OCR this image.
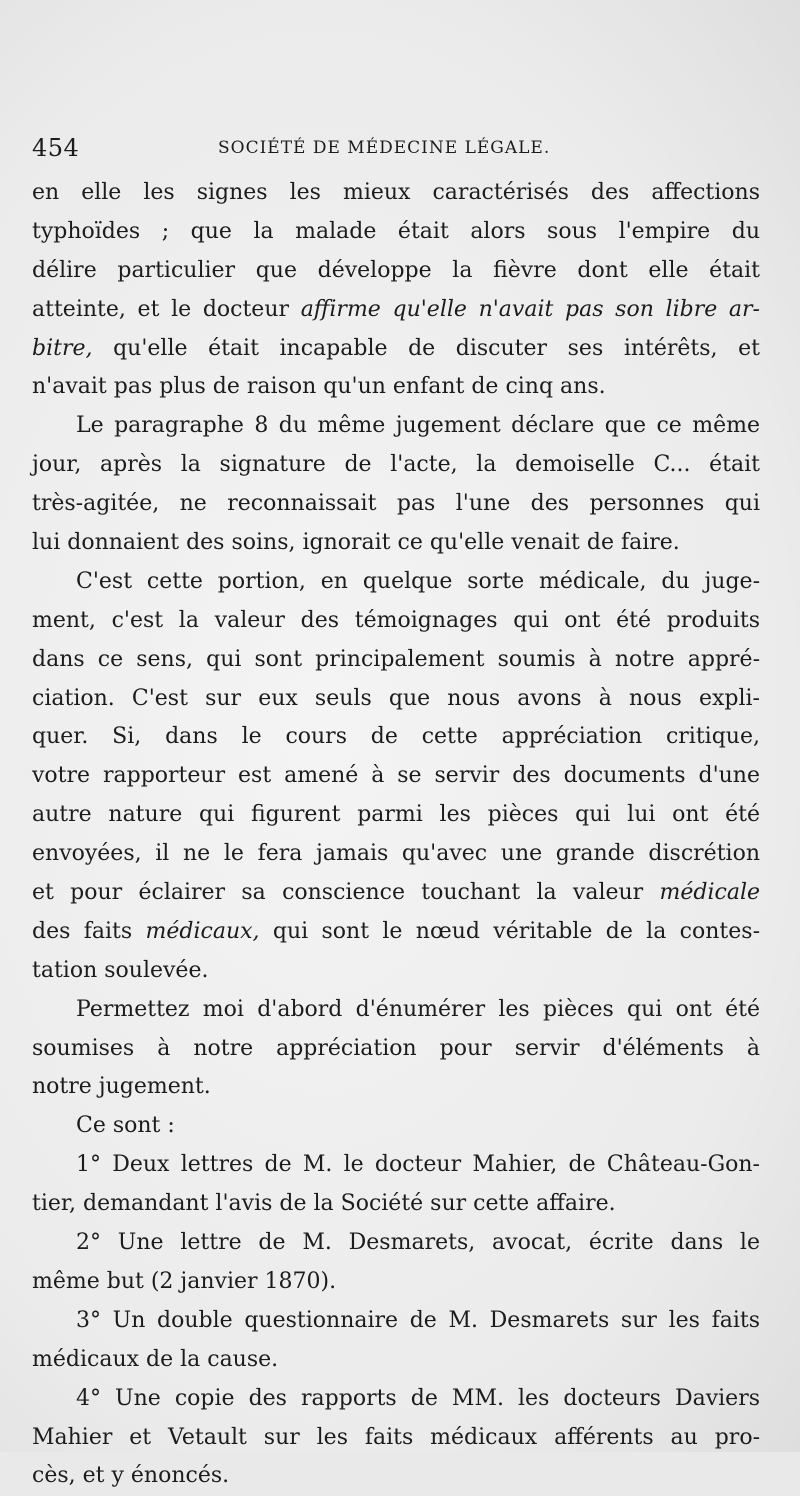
454	SOCIÉTÉ DE MÉDECINE LÉGALE.
en elle les signes les mieux caractérisés des affections
typhoïdes ; que la malade était alors sous l'empire du
délire particulier que développe la fièvre dont elle était
atteinte, et le docteur affirme qu'elle n'avait pas son libre ar-
bitre, qu'elle était incapable de discuter ses intérêts, et
n'avait pas plus de raison qu'un enfant de cinq ans.
Le paragraphe 8 du même jugement déclare que ce même
jour, après la signature de l'acte, la demoiselle C... était
très-agitée, ne reconnaissait pas l'une des personnes qui
lui donnaient des soins, ignorait ce qu'elle venait de faire.
C'est cette portion, en quelque sorte médicale, du juge-
ment, c'est la valeur des témoignages qui ont été produits
dans ce sens, qui sont principalement soumis à notre appré-
ciation. C'est sur eux seuls que nous avons à nous expli-
quer. Si, dans le cours de cette appréciation critique,
votre rapporteur est amené à se servir des documents d'une
autre nature qui figurent parmi les pièces qui lui ont été
envoyées, il ne le fera jamais qu'avec une grande discrétion
et pour éclairer sa conscience touchant la valeur médicale
des faits médicaux, qui sont le nœud véritable de la contes-
tation soulevée.
Permettez moi d'abord d'énumérer les pièces qui ont été
soumises à notre appréciation pour servir d'éléments à
notre jugement.
Ce sont :
1° Deux lettres de M. le docteur Mahier, de Château-Gon-
tier, demandant l'avis de la Société sur cette affaire.
2° Une lettre de M. Desmarets, avocat, écrite dans le
même but (2 janvier 1870).
3° Un double questionnaire de M. Desmarets sur les faits
médicaux de la cause.
4° Une copie des rapports de MM. les docteurs Daviers
Mahier et Vetault sur les faits médicaux afférents au pro-
cès, et y énoncés.
